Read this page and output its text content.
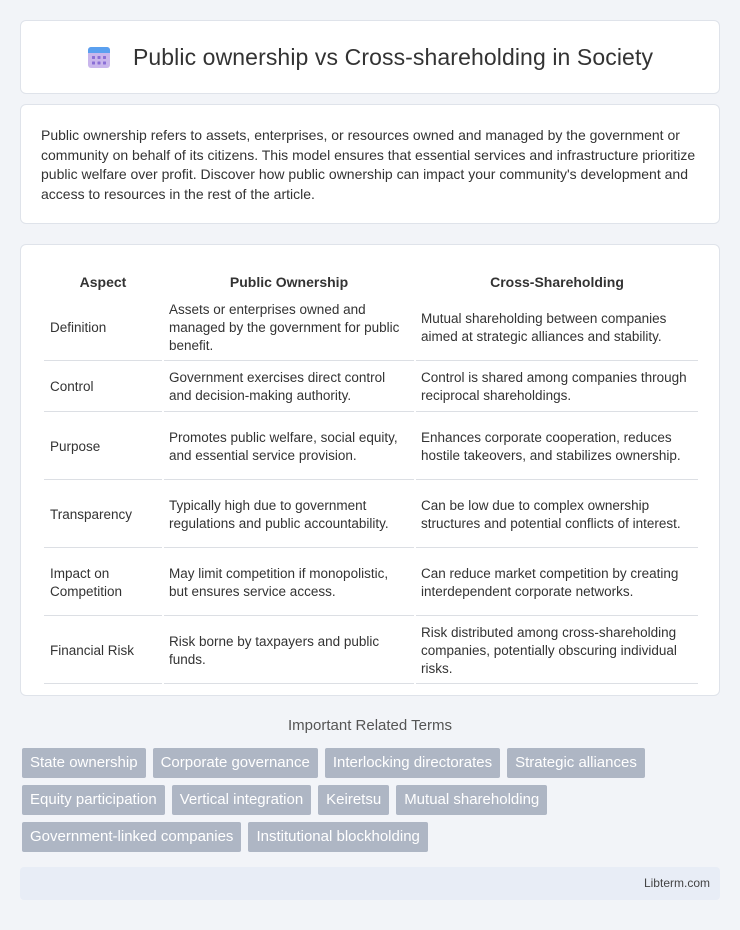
Public ownership vs Cross-shareholding in Society

Public ownership refers to assets, enterprises, or resources owned and managed by the government or community on behalf of its citizens. This model ensures that essential services and infrastructure prioritize public welfare over profit. Discover how public ownership can impact your community's development and access to resources in the rest of the article.

Aspect	Public Ownership	Cross-Shareholding
Definition	Assets or enterprises owned and managed by the government for public benefit.	Mutual shareholding between companies aimed at strategic alliances and stability.
Control	Government exercises direct control and decision-making authority.	Control is shared among companies through reciprocal shareholdings.
Purpose	Promotes public welfare, social equity, and essential service provision.	Enhances corporate cooperation, reduces hostile takeovers, and stabilizes ownership.
Transparency	Typically high due to government regulations and public accountability.	Can be low due to complex ownership structures and potential conflicts of interest.
Impact on Competition	May limit competition if monopolistic, but ensures service access.	Can reduce market competition by creating interdependent corporate networks.
Financial Risk	Risk borne by taxpayers and public funds.	Risk distributed among cross-shareholding companies, potentially obscuring individual risks.
Important Related Terms
State ownership	Corporate governance	Interlocking directorates	Strategic alliances
Equity participation	Vertical integration	Keiretsu	Mutual shareholding
Government-linked companies	Institutional blockholding
Libterm.com
